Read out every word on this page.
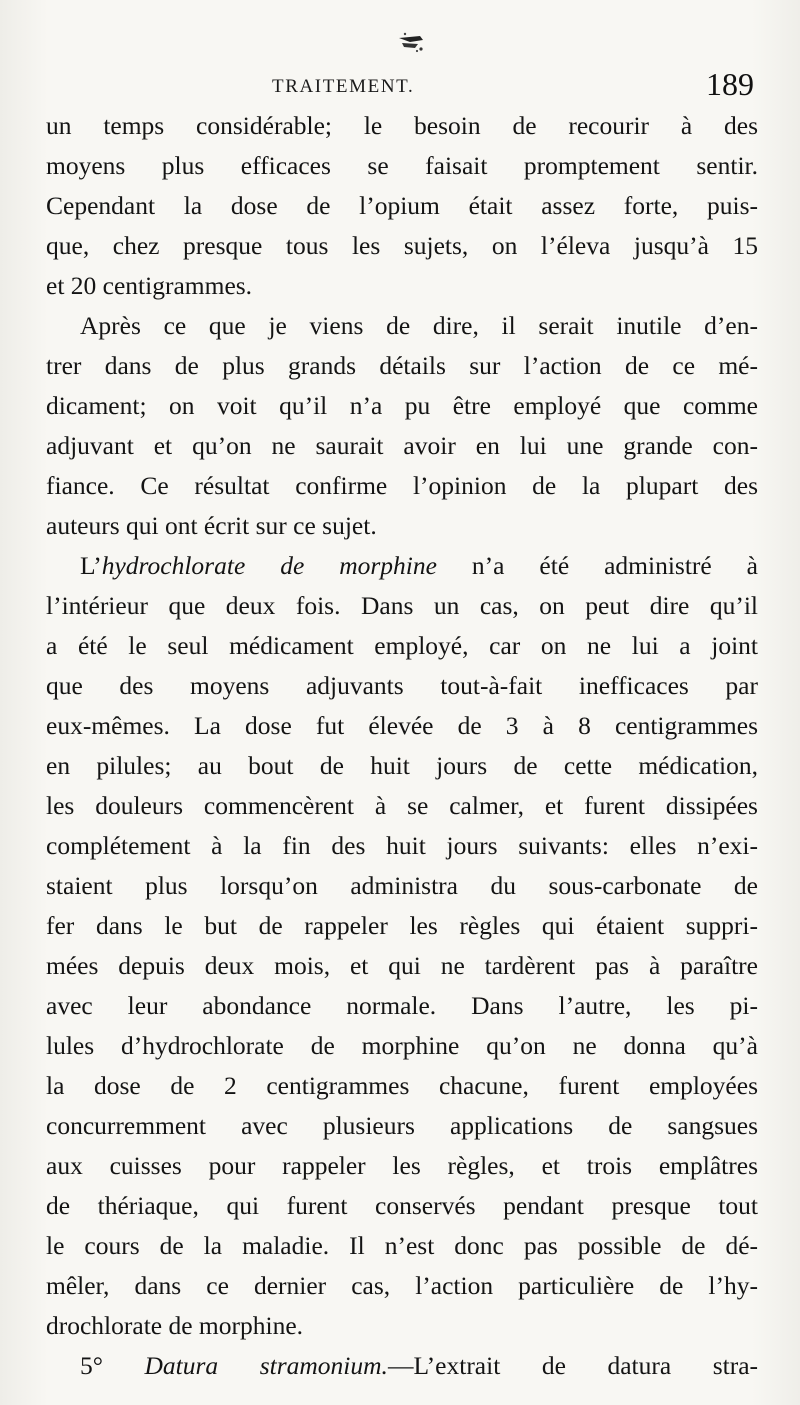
TRAITEMENT.	189
un temps considérable; le besoin de recourir à des
moyens plus efficaces se faisait promptement sentir.
Cependant la dose de l’opium était assez forte, puis-
que, chez presque tous les sujets, on l’éleva jusqu’à 15
et 20 centigrammes.
Après ce que je viens de dire, il serait inutile d’en-
trer dans de plus grands détails sur l’action de ce mé-
dicament; on voit qu’il n’a pu être employé que comme
adjuvant et qu’on ne saurait avoir en lui une grande con-
fiance. Ce résultat confirme l’opinion de la plupart des
auteurs qui ont écrit sur ce sujet.
L’hydrochlorate de morphine n’a été administré à
l’intérieur que deux fois. Dans un cas, on peut dire qu’il
a été le seul médicament employé, car on ne lui a joint
que des moyens adjuvants tout-à-fait inefficaces par
eux-mêmes. La dose fut élevée de 3 à 8 centigrammes
en pilules; au bout de huit jours de cette médication,
les douleurs commencèrent à se calmer, et furent dissipées
complétement à la fin des huit jours suivants: elles n’exi-
staient plus lorsqu’on administra du sous-carbonate de
fer dans le but de rappeler les règles qui étaient suppri-
mées depuis deux mois, et qui ne tardèrent pas à paraître
avec leur abondance normale. Dans l’autre, les pi-
lules d’hydrochlorate de morphine qu’on ne donna qu’à
la dose de 2 centigrammes chacune, furent employées
concurremment avec plusieurs applications de sangsues
aux cuisses pour rappeler les règles, et trois emplâtres
de thériaque, qui furent conservés pendant presque tout
le cours de la maladie. Il n’est donc pas possible de dé-
mêler, dans ce dernier cas, l’action particulière de l’hy-
drochlorate de morphine.
5° Datura stramonium.—L’extrait de datura stra-
